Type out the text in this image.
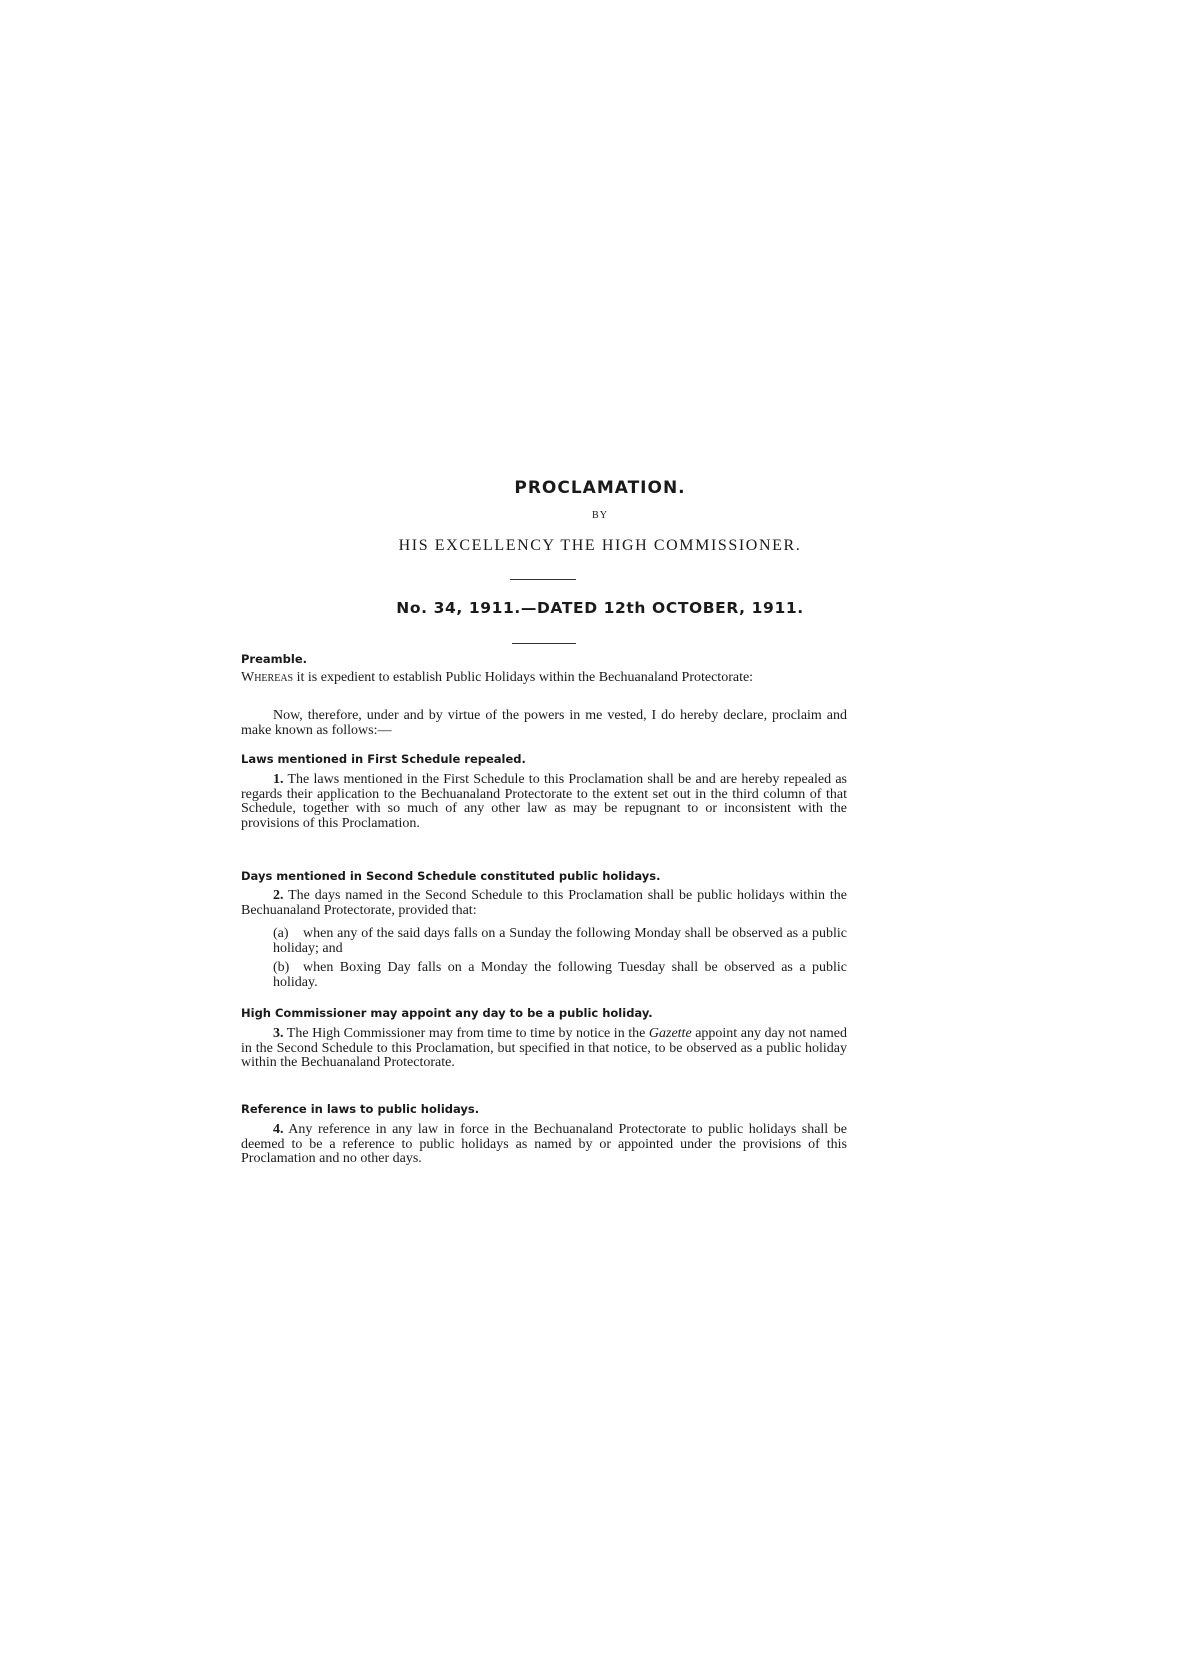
PROCLAMATION.
BY
HIS EXCELLENCY THE HIGH COMMISSIONER.
No. 34, 1911.—DATED 12th OCTOBER, 1911.
Preamble.

Whereas it is expedient to establish Public Holidays within the Bechuanaland Protectorate:

Now, therefore, under and by virtue of the powers in me vested, I do hereby declare, proclaim and make known as follows:—

Laws mentioned in First Schedule repealed.

1. The laws mentioned in the First Schedule to this Proclamation shall be and are hereby repealed as regards their application to the Bechuanaland Protectorate to the extent set out in the third column of that Schedule, together with so much of any other law as may be repugnant to or inconsistent with the provisions of this Proclamation.

Days mentioned in Second Schedule constituted public holidays.

2. The days named in the Second Schedule to this Proclamation shall be public holidays within the Bechuanaland Protectorate, provided that:

(a) when any of the said days falls on a Sunday the following Monday shall be observed as a public holiday; and
(b) when Boxing Day falls on a Monday the following Tuesday shall be observed as a public holiday.
High Commissioner may appoint any day to be a public holiday.

3. The High Commissioner may from time to time by notice in the Gazette appoint any day not named in the Second Schedule to this Proclamation, but specified in that notice, to be observed as a public holiday within the Bechuanaland Protectorate.

Reference in laws to public holidays.

4. Any reference in any law in force in the Bechuanaland Protectorate to public holidays shall be deemed to be a reference to public holidays as named by or appointed under the provisions of this Proclamation and no other days.
